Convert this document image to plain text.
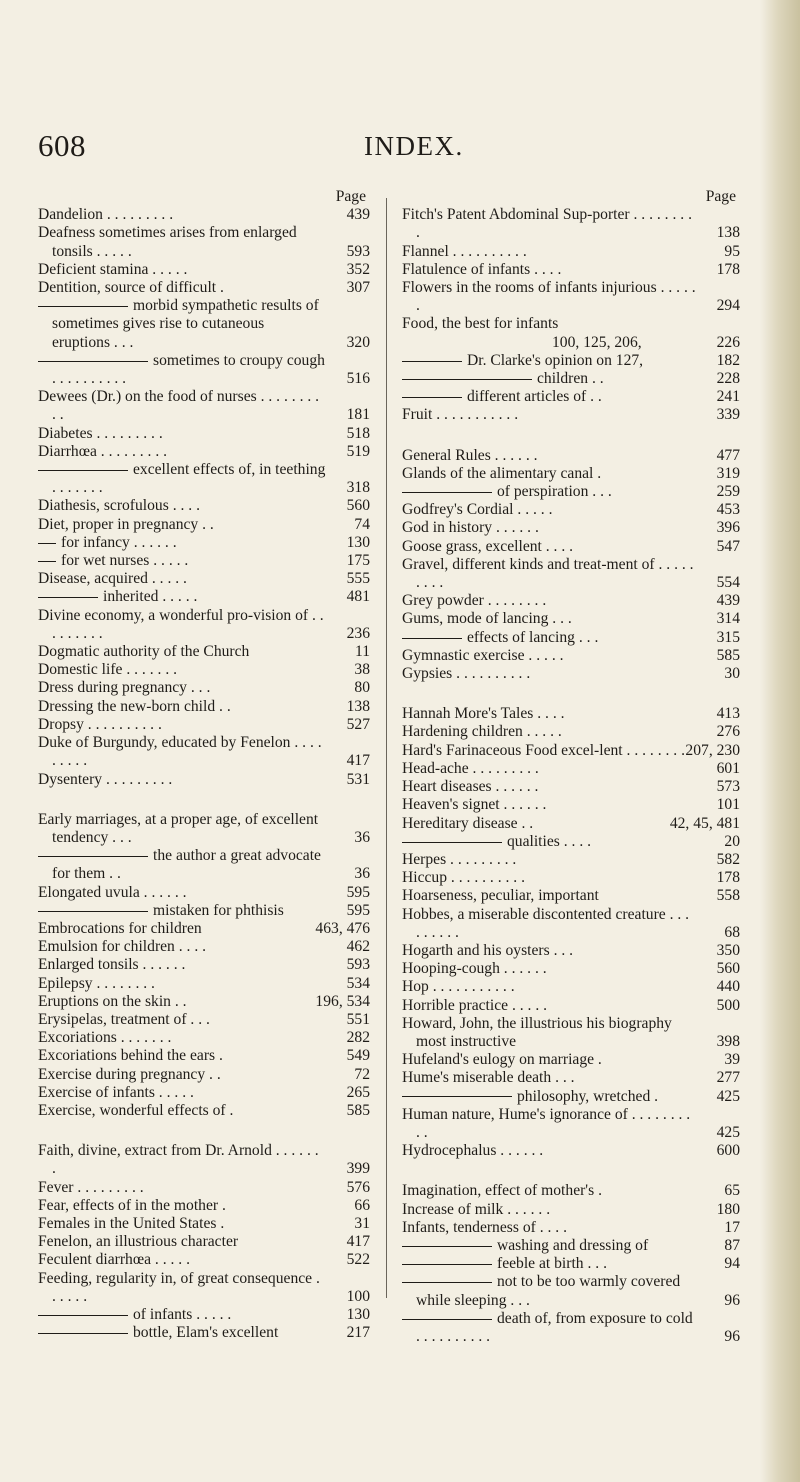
608	INDEX.
Page
Dandelion . . . . . . . . .	439
Deafness sometimes arises from enlarged tonsils . . . . .	593
Deficient stamina . . . . .	352
Dentition, source of difficult .	307
morbid sympathetic results of sometimes gives rise to cutaneous eruptions . . .	320
sometimes to croupy cough . . . . . . . . . .	516
Dewees (Dr.) on the food of nurses . . . . . . . . . .	181
Diabetes . . . . . . . . .	518
Diarrhœa . . . . . . . . .	519
excellent effects of, in teething . . . . . . .	318
Diathesis, scrofulous . . . .	560
Diet, proper in pregnancy . .	74
for infancy . . . . . .	130
for wet nurses . . . . .	175
Disease, acquired . . . . .	555
inherited . . . . .	481
Divine economy, a wonderful pro-vision of . . . . . . . . .	236
Dogmatic authority of the Church	11
Domestic life . . . . . . .	38
Dress during pregnancy . . .	80
Dressing the new-born child . .	138
Dropsy . . . . . . . . . .	527
Duke of Burgundy, educated by Fenelon . . . . . . . . .	417
Dysentery . . . . . . . . .	531
Early marriages, at a proper age, of excellent tendency . . .	36
the author a great advocate for them . .	36
Elongated uvula . . . . . .	595
mistaken for phthisis	595
Embrocations for children	463, 476
Emulsion for children . . . .	462
Enlarged tonsils . . . . . .	593
Epilepsy . . . . . . . .	534
Eruptions on the skin . .	196, 534
Erysipelas, treatment of . . .	551
Excoriations . . . . . . .	282
Excoriations behind the ears .	549
Exercise during pregnancy . .	72
Exercise of infants . . . . .	265
Exercise, wonderful effects of .	585
Faith, divine, extract from Dr. Arnold . . . . . . .	399
Fever . . . . . . . . .	576
Fear, effects of in the mother .	66
Females in the United States .	31
Fenelon, an illustrious character	417
Feculent diarrhœa . . . . .	522
Feeding, regularity in, of great consequence . . . . . .	100
of infants . . . . .	130
bottle, Elam's excellent	217
Page
Fitch's Patent Abdominal Sup-porter . . . . . . . . .	138
Flannel . . . . . . . . . .	95
Flatulence of infants . . . .	178
Flowers in the rooms of infants injurious . . . . . .	294
Food, the best for infants
100, 125, 206,	226
Dr. Clarke's opinion on 127,	182
children . .	228
different articles of . .	241
Fruit . . . . . . . . . . .	339
General Rules . . . . . .	477
Glands of the alimentary canal .	319
of perspiration . . .	259
Godfrey's Cordial . . . . .	453
God in history . . . . . .	396
Goose grass, excellent . . . .	547
Gravel, different kinds and treat-ment of . . . . . . . . .	554
Grey powder . . . . . . . .	439
Gums, mode of lancing . . .	314
effects of lancing . . .	315
Gymnastic exercise . . . . .	585
Gypsies . . . . . . . . . .	30
Hannah More's Tales . . . .	413
Hardening children . . . . .	276
Hard's Farinaceous Food excel-lent . . . . . . . . 207, 230
Head-ache . . . . . . . . .	601
Heart diseases . . . . . .	573
Heaven's signet . . . . . .	101
Hereditary disease . .	42, 45, 481
qualities . . . .	20
Herpes . . . . . . . . .	582
Hiccup . . . . . . . . . .	178
Hoarseness, peculiar, important	558
Hobbes, a miserable discontented creature . . . . . . . . .	68
Hogarth and his oysters . . .	350
Hooping-cough . . . . . .	560
Hop . . . . . . . . . . .	440
Horrible practice . . . . .	500
Howard, John, the illustrious his biography most instructive	398
Hufeland's eulogy on marriage .	39
Hume's miserable death . . .	277
philosophy, wretched .	425
Human nature, Hume's ignorance of . . . . . . . . . .	425
Hydrocephalus . . . . . .	600
Imagination, effect of mother's .	65
Increase of milk . . . . . .	180
Infants, tenderness of . . . .	17
washing and dressing of	87
feeble at birth . . .	94
not to be too warmly covered while sleeping . . .	96
death of, from exposure to cold . . . . . . . . . .	96
